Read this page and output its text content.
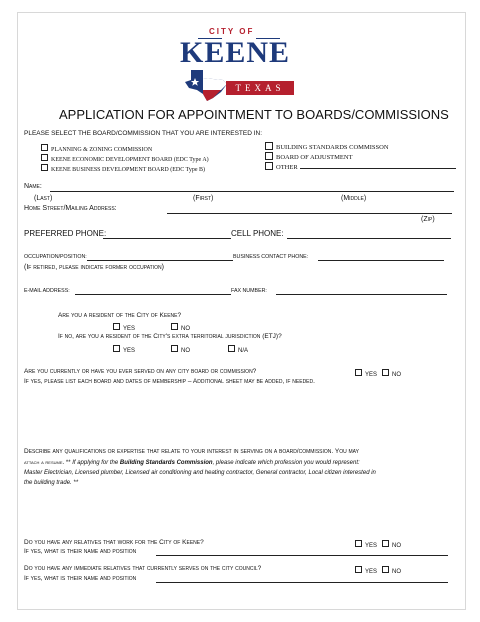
CITY OF
KEENE
TEXAS
APPLICATION FOR APPOINTMENT TO BOARDS/COMMISSIONS
PLEASE SELECT THE BOARD/COMMISSION THAT YOU ARE INTERESTED IN:
PLANNING & ZONING COMMISSION
KEENE ECONOMIC DEVELOPMENT BOARD (EDC Type A)
KEENE BUSINESS DEVELOPMENT BOARD (EDC Type B)
BUILDING STANDARDS COMMISSON
BOARD OF ADJUSTMENT
OTHER
Name:
(Last)	(First)	(Middle)
Home Street/Mailing Address:
(Zip)
PREFERRED PHONE:	CELL PHONE:
OCCUPATION/POSITION:	BUSINESS CONTACT PHONE:
(If retired, please indicate former occupation)
E-MAIL ADDRESS:	FAX NUMBER:
Are you a resident of the City of Keene?
YES	NO
If no, are you a resident of the City's extra territorial jurisdiction (ETJ)?
YES	NO	N/A
Are you currently or have you ever served on any city board or commission?	YES	NO
If yes, please list each board and dates of membership – Additional sheet may be added, if needed.
Describe any qualifications or expertise that relate to your interest in serving on a board/commission. You may
attach a resume. ** If applying for the Building Standards Commission, please indicate which profession you would represent:
Master Electrician, Licensed plumber, Licensed air conditioning and heating contractor, General contractor, Local citizen interested in
the building trade. **
Do you have any relatives that work for the City of Keene?	YES	NO
If yes, what is their name and position
Do you have any immediate relatives that currently serves on the city council?	YES	NO
If yes, what is their name and position
